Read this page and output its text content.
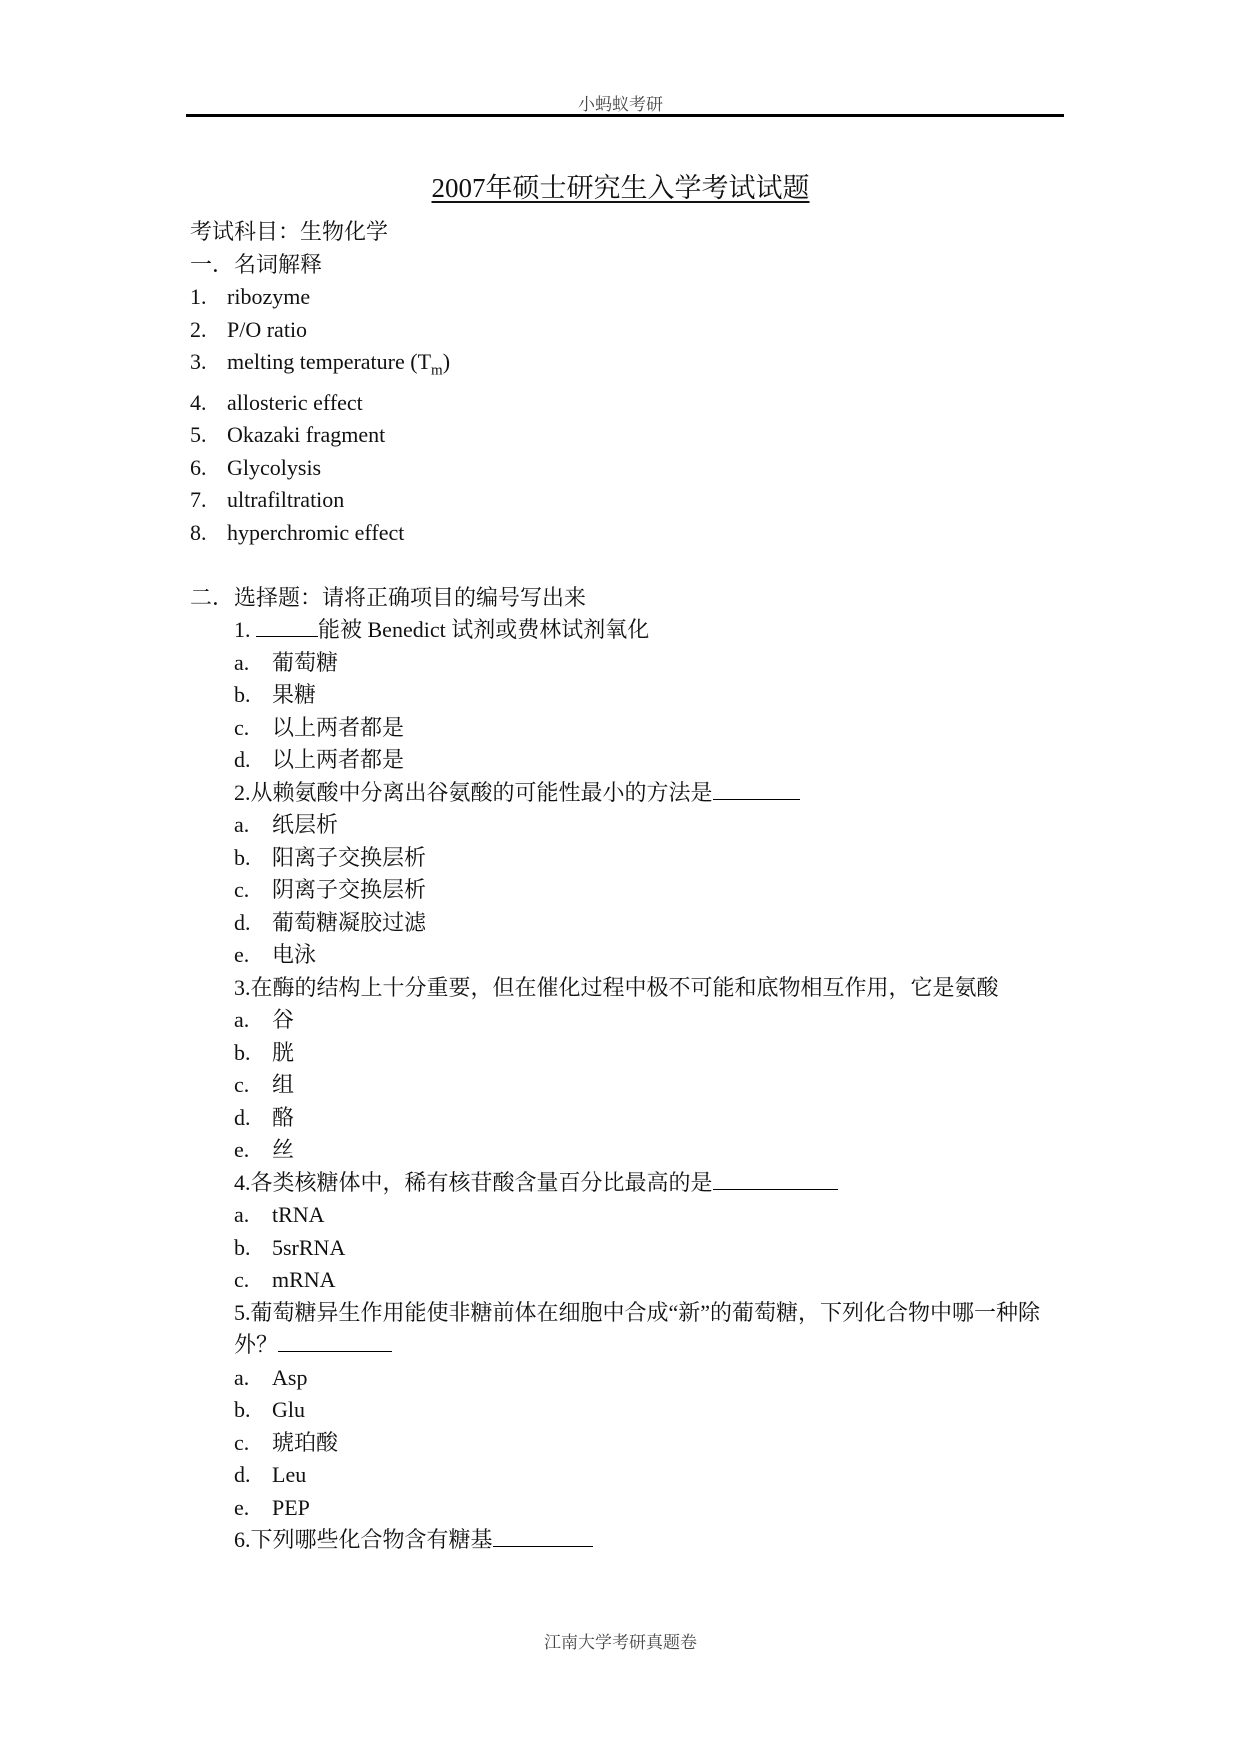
小蚂蚁考研
2007年硕士研究生入学考试试题
考试科目：生物化学
一．名词解释
1. ribozyme
2. P/O ratio
3. melting temperature $(T_m)$
4. allosteric effect
5. Okazaki fragment
6. Glycolysis
7. ultrafiltration
8. hyperchromic effect
二．选择题：请将正确项目的编号写出来
1.	能被 Benedict 试剂或费林试剂氧化
a. 葡萄糖
b. 果糖
c. 以上两者都是
d. 以上两者都是
2.从赖氨酸中分离出谷氨酸的可能性最小的方法是
a. 纸层析
b. 阳离子交换层析
c. 阴离子交换层析
d. 葡萄糖凝胶过滤
e. 电泳
3.在酶的结构上十分重要，但在催化过程中极不可能和底物相互作用，它是氨酸
a. 谷
b. 胱
c. 组
d. 酪
e. 丝
4.各类核糖体中，稀有核苷酸含量百分比最高的是
a. tRNA
b. 5srRNA
c. mRNA
5.葡萄糖异生作用能使非糖前体在细胞中合成“新”的葡萄糖，下列化合物中哪一种除外？
a. Asp
b. Glu
c. 琥珀酸
d. Leu
e. PEP
6.下列哪些化合物含有糖基
江南大学考研真题卷
